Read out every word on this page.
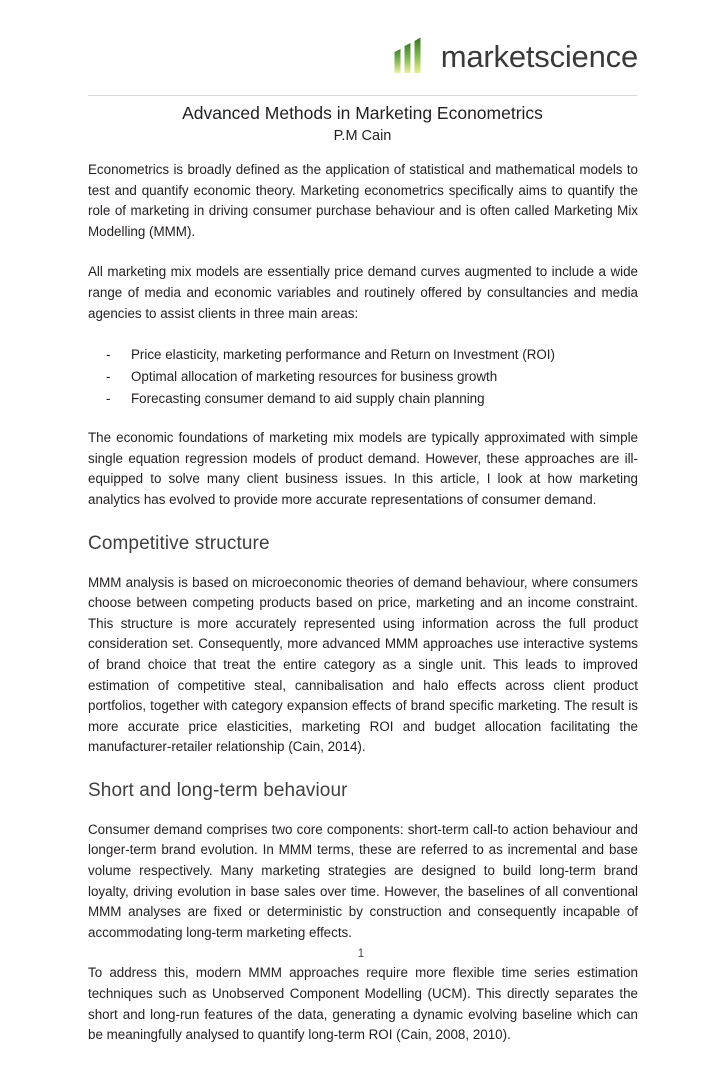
marketscience
Advanced Methods in Marketing Econometrics
P.M Cain

Econometrics is broadly defined as the application of statistical and mathematical models to test and quantify economic theory. Marketing econometrics specifically aims to quantify the role of marketing in driving consumer purchase behaviour and is often called Marketing Mix Modelling (MMM).

All marketing mix models are essentially price demand curves augmented to include a wide range of media and economic variables and routinely offered by consultancies and media agencies to assist clients in three main areas:

- Price elasticity, marketing performance and Return on Investment (ROI)
- Optimal allocation of marketing resources for business growth
- Forecasting consumer demand to aid supply chain planning

The economic foundations of marketing mix models are typically approximated with simple single equation regression models of product demand. However, these approaches are ill-equipped to solve many client business issues. In this article, I look at how marketing analytics has evolved to provide more accurate representations of consumer demand.

Competitive structure

MMM analysis is based on microeconomic theories of demand behaviour, where consumers choose between competing products based on price, marketing and an income constraint. This structure is more accurately represented using information across the full product consideration set. Consequently, more advanced MMM approaches use interactive systems of brand choice that treat the entire category as a single unit. This leads to improved estimation of competitive steal, cannibalisation and halo effects across client product portfolios, together with category expansion effects of brand specific marketing. The result is more accurate price elasticities, marketing ROI and budget allocation facilitating the manufacturer-retailer relationship (Cain, 2014).

Short and long-term behaviour

Consumer demand comprises two core components: short-term call-to action behaviour and longer-term brand evolution. In MMM terms, these are referred to as incremental and base volume respectively. Many marketing strategies are designed to build long-term brand loyalty, driving evolution in base sales over time. However, the baselines of all conventional MMM analyses are fixed or deterministic by construction and consequently incapable of accommodating long-term marketing effects.

To address this, modern MMM approaches require more flexible time series estimation techniques such as Unobserved Component Modelling (UCM). This directly separates the short and long-run features of the data, generating a dynamic evolving baseline which can be meaningfully analysed to quantify long-term ROI (Cain, 2008, 2010).

1
